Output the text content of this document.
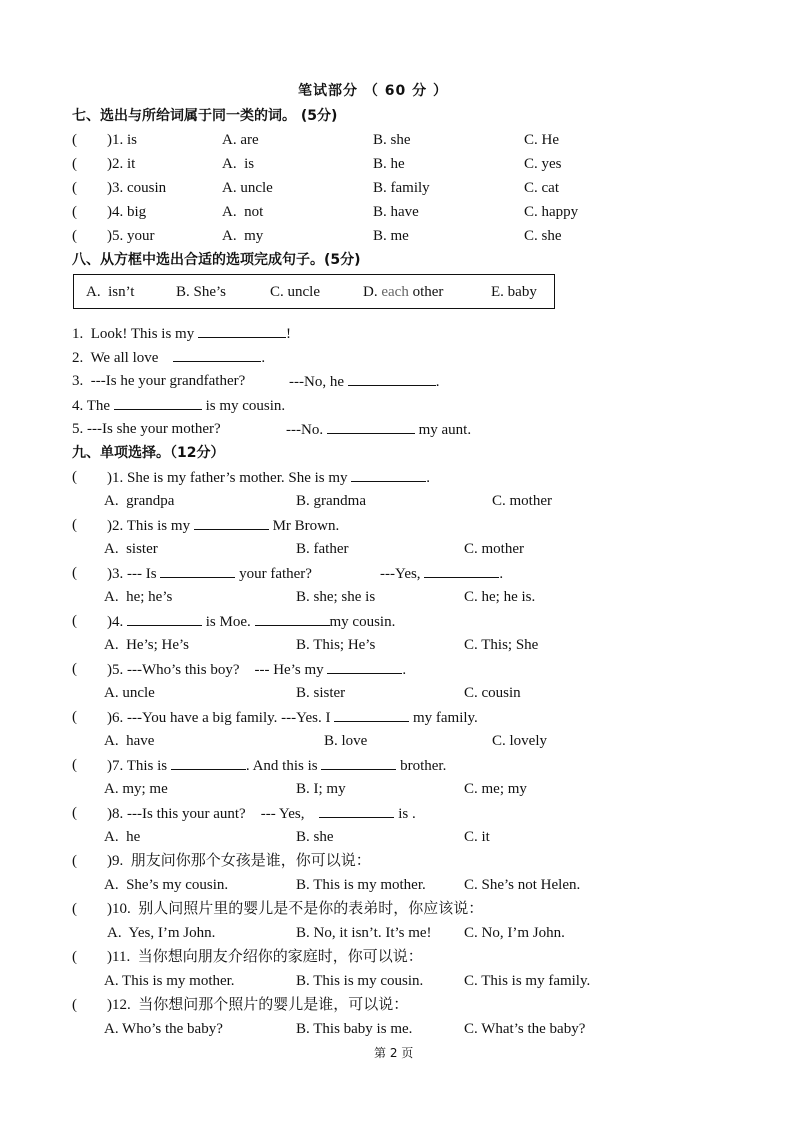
笔试部分 （ 60 分 ）
七、选出与所给词属于同一类的词。 (5分)
( )1. is	A. are	B. she	C. He
( )2. it	A.  is	B. he	C. yes
( )3. cousin	A. uncle	B. family	C. cat
( )4. big	A.  not	B. have	C. happy
( )5. your	A.  my	B. me	C. she
八、从方框中选出合适的选项完成句子。(5分)
A.  isn’t	B. She’s	C. uncle	D. each other	E. baby
1.  Look! This is my	!
2.  We all love	.
3.  ---Is he your grandfather?	---No, he	.
4. The	is my cousin.
5. ---Is she your mother?	---No.	my aunt.
九、单项选择。（12分）
( )1. She is my father’s mother. She is my	.
A.  grandpa	B. grandma	C. mother
( )2. This is my	Mr Brown.
A.  sister	B. father	C. mother
( )3. --- Is	your father?	---Yes,	.
A.  he; he’s	B. she; she is	C. he; he is.
( )4.	is Moe.	my cousin.
A.  He’s; He’s	B. This; He’s	C. This; She
( )5. ---Who’s this boy?    --- He’s my	.
A. uncle	B. sister	C. cousin
( )6. ---You have a big family. ---Yes. I	my family.
A.  have	B. love	C. lovely
( )7. This is	. And this is	brother.
A. my; me	B. I; my	C. me; my
( )8. ---Is this your aunt?    --- Yes,	is .
A.  he	B. she	C. it
( )9.  朋友问你那个女孩是谁，你可以说：
A.  She’s my cousin.	B. This is my mother.	C. She’s not Helen.
( )10.  别人问照片里的婴儿是不是你的表弟时，你应该说：
A.  Yes, I’m John.	B. No, it isn’t. It’s me! C. No, I’m John.
( )11.  当你想向朋友介绍你的家庭时，你可以说：
A. This is my mother.	B. This is my cousin.	C. This is my family.
( )12.  当你想问那个照片的婴儿是谁，可以说：
A. Who’s the baby?	B. This baby is me.	C. What’s the baby?
第 2 页
